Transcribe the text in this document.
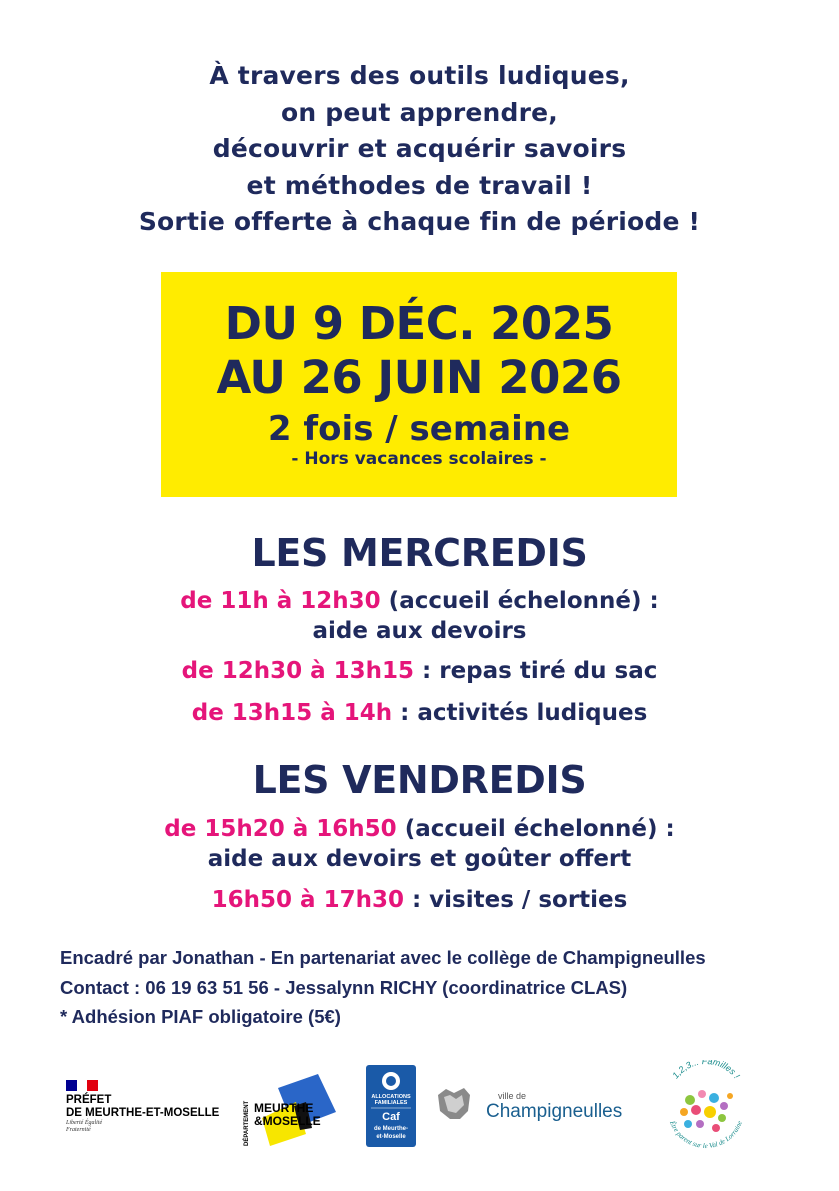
À travers des outils ludiques,
on peut apprendre,
découvrir et acquérir savoirs
et méthodes de travail !
Sortie offerte à chaque fin de période !
DU 9 DÉC. 2025
AU 26 JUIN 2026
2 fois / semaine
- Hors vacances scolaires -
LES MERCREDIS
de 11h à 12h30 (accueil échelonné) :
aide aux devoirs
de 12h30 à 13h15 : repas tiré du sac
de 13h15 à 14h : activités ludiques
LES VENDREDIS
de 15h20 à 16h50 (accueil échelonné) :
aide aux devoirs et goûter offert
16h50 à 17h30 : visites / sorties
Encadré par Jonathan - En partenariat avec le collège de Champigneulles
Contact : 06 19 63 51 56 - Jessalynn RICHY (coordinatrice CLAS)
* Adhésion PIAF obligatoire (5€)
PRÉFET
DE MEURTHE-ET-MOSELLE
Liberté Égalité Fraternité	DÉPARTEMENT MEURTHE
&MOSELLE
ALLOCATIONS
FAMILIALES
Caf
de Meurthe-
et-Moselle
ville de
Champigneulles
1,2,3... Familles !
Être parent sur le Val de Lorraine
